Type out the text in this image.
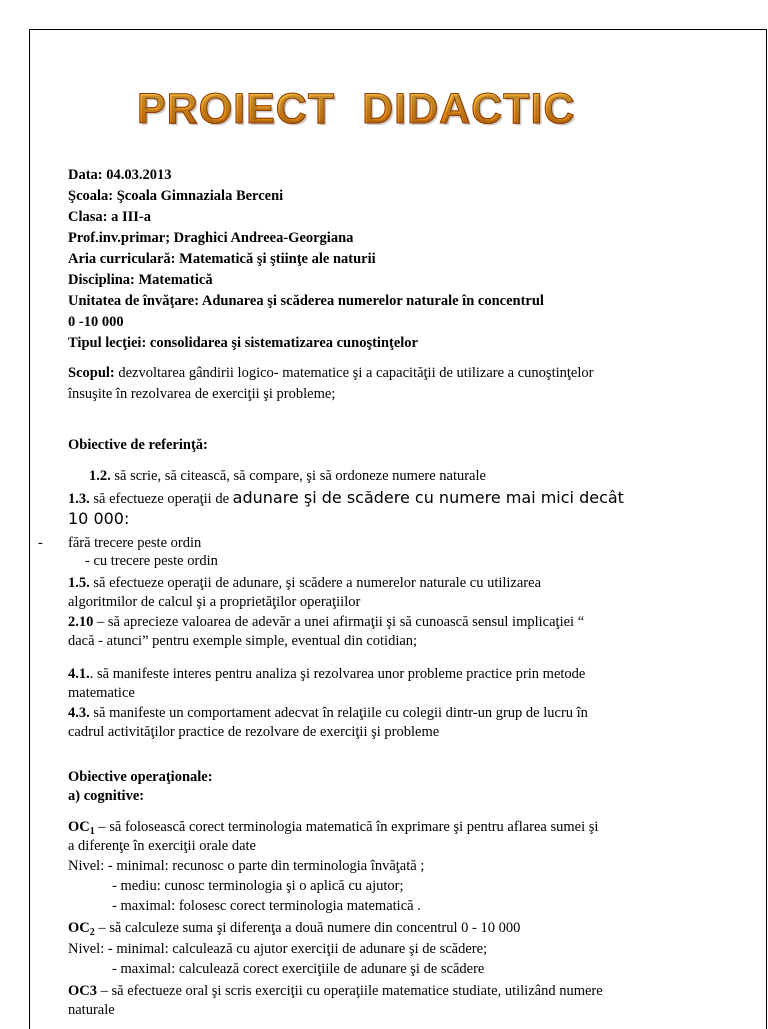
PROIECT DIDACTIC
Data: 04.03.2013
Şcoala: Şcoala Gimnaziala Berceni
Clasa: a III-a
Prof.inv.primar; Draghici Andreea-Georgiana
Aria curriculară: Matematică şi ştiinţe ale naturii
Disciplina: Matematică
Unitatea de învăţare: Adunarea şi scăderea numerelor naturale în concentrul
0 -10 000
Tipul lecţiei: consolidarea şi sistematizarea cunoştinţelor
Scopul: dezvoltarea gândirii logico- matematice şi a capacităţii de utilizare a cunoştinţelor
însuşite în rezolvarea de exerciţii şi probleme;
Obiective de referinţă:
1.2. să scrie, să citească, să compare, şi să ordoneze numere naturale
1.3. să efectueze operaţii de adunare şi de scădere cu numere mai mici decât
10 000:
- fără trecere peste ordin
- cu trecere peste ordin
1.5. să efectueze operaţii de adunare, şi scădere a numerelor naturale cu utilizarea
algoritmilor de calcul şi a proprietăţilor operaţiilor
2.10 – să aprecieze valoarea de adevăr a unei afirmaţii şi să cunoască sensul implicaţiei “
dacă - atunci” pentru exemple simple, eventual din cotidian;
4.1.. să manifeste interes pentru analiza şi rezolvarea unor probleme practice prin metode
matematice
4.3. să manifeste un comportament adecvat în relaţiile cu colegii dintr-un grup de lucru în
cadrul activităţilor practice de rezolvare de exerciţii şi probleme
Obiective operaţionale:
a) cognitive:
$OC_1$ – să folosească corect terminologia matematică în exprimare şi pentru aflarea sumei şi
a diferenţe în exerciţii orale date
Nivel: - minimal: recunosc o parte din terminologia învăţată ;
- mediu: cunosc terminologia şi o aplică cu ajutor;
- maximal: folosesc corect terminologia matematică .
$OC_2$ – să calculeze suma şi diferenţa a două numere din concentrul 0 - 10 000
Nivel: - minimal: calculează cu ajutor exerciţii de adunare şi de scădere;
- maximal: calculează corect exerciţiile de adunare şi de scădere
OC3 – să efectueze oral şi scris exerciţii cu operaţiile matematice studiate, utilizând numere
naturale
